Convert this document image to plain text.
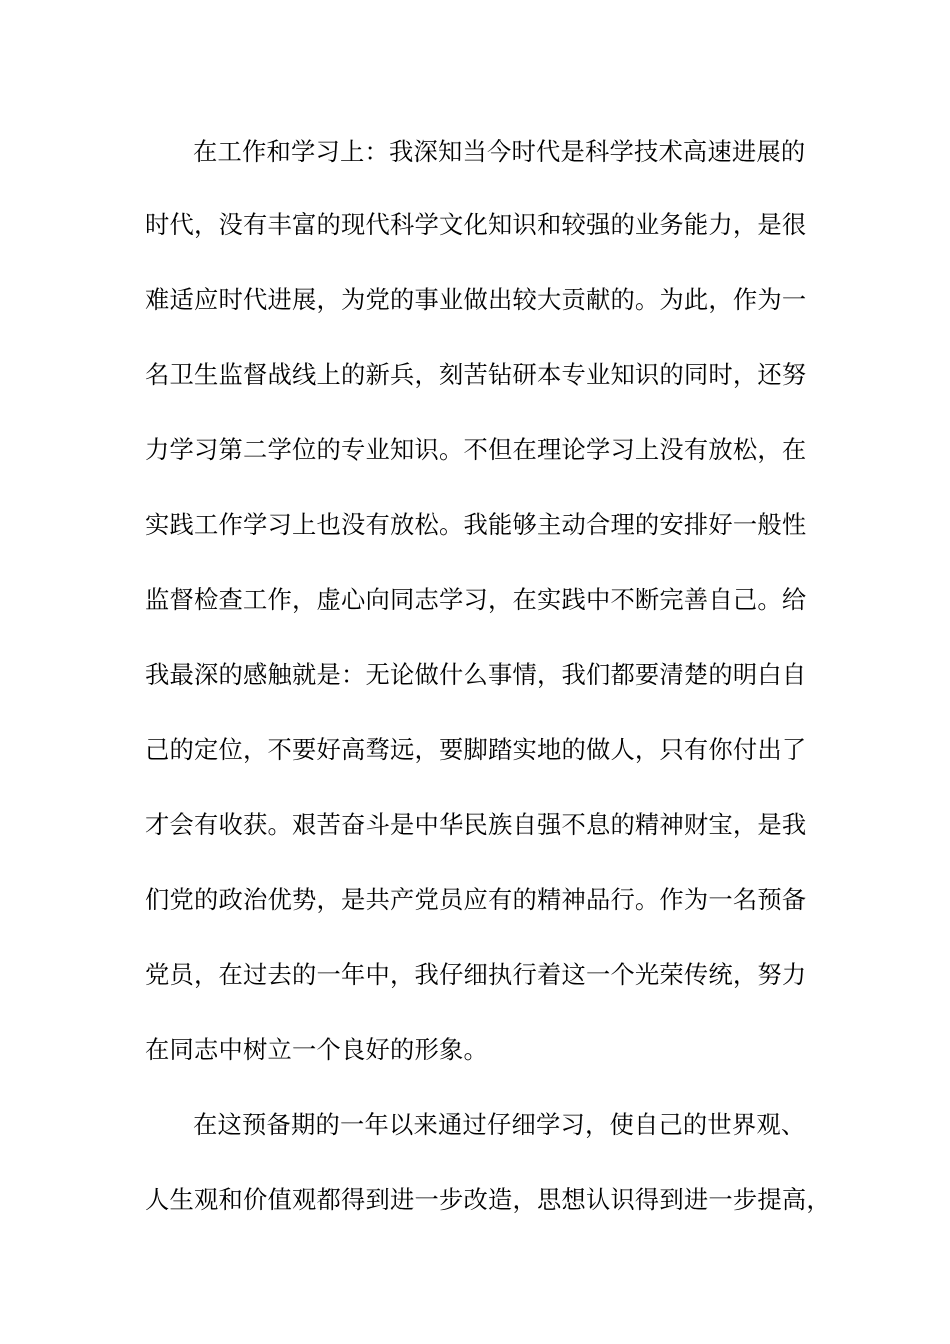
在工作和学习上：我深知当今时代是科学技术高速进展的
时代，没有丰富的现代科学文化知识和较强的业务能力，是很
难适应时代进展，为党的事业做出较大贡献的。为此，作为一
名卫生监督战线上的新兵，刻苦钻研本专业知识的同时，还努
力学习第二学位的专业知识。不但在理论学习上没有放松，在
实践工作学习上也没有放松。我能够主动合理的安排好一般性
监督检查工作，虚心向同志学习，在实践中不断完善自己。给
我最深的感触就是：无论做什么事情，我们都要清楚的明白自
己的定位，不要好高骛远，要脚踏实地的做人，只有你付出了
才会有收获。艰苦奋斗是中华民族自强不息的精神财宝，是我
们党的政治优势，是共产党员应有的精神品行。作为一名预备
党员，在过去的一年中，我仔细执行着这一个光荣传统，努力
在同志中树立一个良好的形象。
在这预备期的一年以来通过仔细学习，使自己的世界观、
人生观和价值观都得到进一步改造，思想认识得到进一步提高，
